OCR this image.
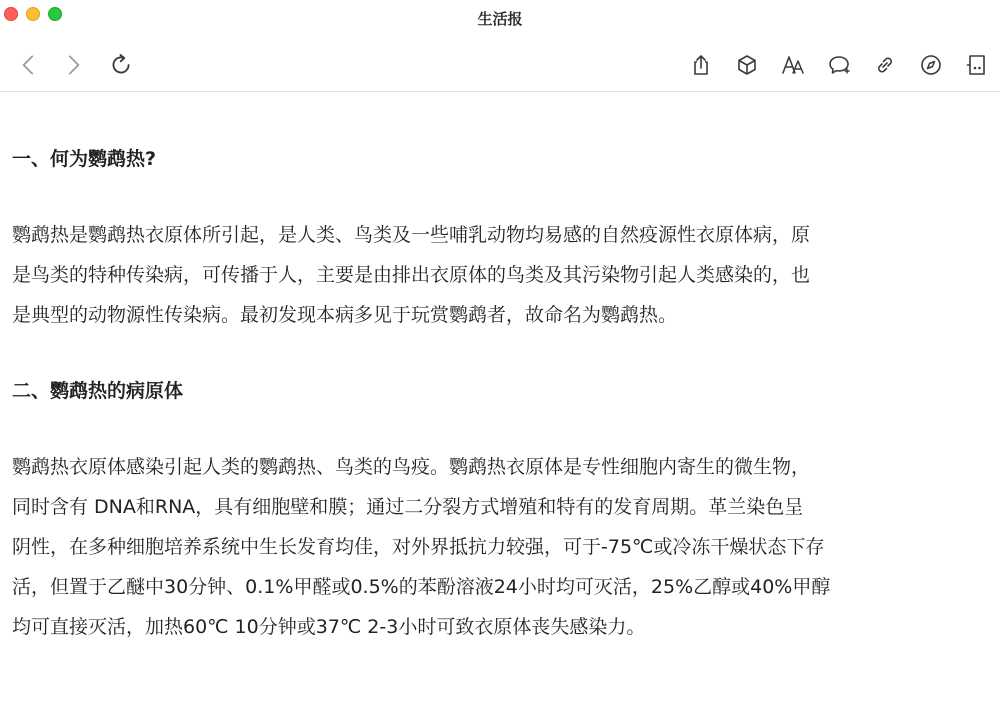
生活报
一、何为鹦鹉热?
鹦鹉热是鹦鹉热衣原体所引起，是人类、鸟类及一些哺乳动物均易感的自然疫源性衣原体病，原
是鸟类的特种传染病，可传播于人，主要是由排出衣原体的鸟类及其污染物引起人类感染的，也
是典型的动物源性传染病。最初发现本病多见于玩赏鹦鹉者，故命名为鹦鹉热。
二、鹦鹉热的病原体
鹦鹉热衣原体感染引起人类的鹦鹉热、鸟类的鸟疫。鹦鹉热衣原体是专性细胞内寄生的微生物，
同时含有 DNA和RNA，具有细胞壁和膜；通过二分裂方式增殖和特有的发育周期。革兰染色呈
阴性，在多种细胞培养系统中生长发育均佳，对外界抵抗力较强，可于-75℃或冷冻干燥状态下存
活，但置于乙醚中30分钟、0.1%甲醛或0.5%的苯酚溶液24小时均可灭活，25%乙醇或40%甲醇
均可直接灭活，加热60℃ 10分钟或37℃ 2-3小时可致衣原体丧失感染力。
